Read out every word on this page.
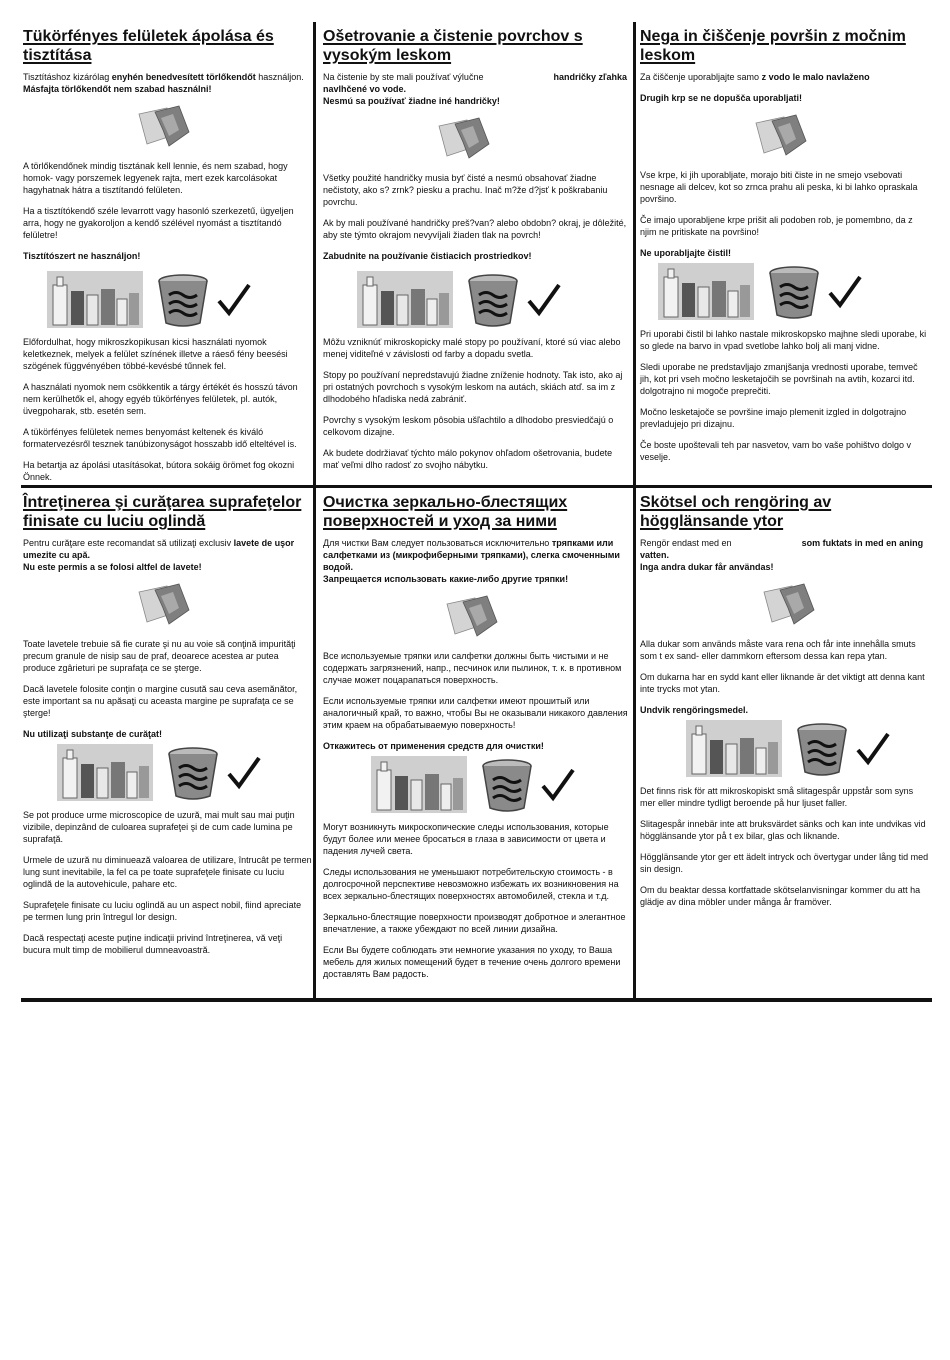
Tükörfényes felületek ápolása és tisztítása

Tisztításhoz kizárólag enyhén benedvesített törlőkendőt használjon. Másfajta törlőkendőt nem szabad használni!

A törlőkendőnek mindig tisztának kell lennie, és nem szabad, hogy homok- vagy porszemek legyenek rajta, mert ezek karcolásokat hagyhatnak hátra a tisztítandó felületen.

Ha a tisztítókendő széle levarrott vagy hasonló szerkezetű, ügyeljen arra, hogy ne gyakoroljon a kendő szélével nyomást a tisztítandó felületre!

Tisztítószert ne használjon!

Előfordulhat, hogy mikroszkopikusan kicsi használati nyomok keletkeznek, melyek a felület színének illetve a ráeső fény beesési szögének függvényében többé-kevésbé tűnnek fel.

A használati nyomok nem csökkentik a tárgy értékét és hosszú távon nem kerülhetők el, ahogy egyéb tükörfényes felületek, pl. autók, üvegpoharak, stb. esetén sem.

A tükörfényes felületek nemes benyomást keltenek és kiváló formatervezésről tesznek tanúbizonyságot hosszabb idő elteltével is.

Ha betartja az ápolási utasításokat, bútora sokáig örömet fog okozni Önnek.

Ošetrovanie a čistenie povrchov s vysokým leskom

Na čistenie by ste mali používať výlučne	handričky zľahka navlhčené vo vode.
Nesmú sa používať žiadne iné handričky!

Všetky použité handričky musia byť čisté a nesmú obsahovať žiadne nečistoty, ako s? zrnk? piesku a prachu. Inač m?že d?jsť k poškrabaniu povrchu.

Ak by mali používané handričky preš?van? alebo obdobn? okraj, je dôležité, aby ste týmto okrajom nevyvíjali žiaden tlak na povrch!

Zabudnite na používanie čistiacich prostriedkov!

Môžu vzniknúť mikroskopicky malé stopy po používaní, ktoré sú viac alebo menej viditeľné v závislosti od farby a dopadu svetla.

Stopy po používaní nepredstavujú žiadne zníženie hodnoty. Tak isto, ako aj pri ostatných povrchoch s vysokým leskom na autách, skiách atď. sa im z dlhodobého hľadiska nedá zabrániť.

Povrchy s vysokým leskom pôsobia ušľachtilo a dlhodobo presviedčajú o celkovom dizajne.

Ak budete dodržiavať týchto málo pokynov ohľadom ošetrovania, budete mať veľmi dlho radosť zo svojho nábytku.

Nega in čiščenje površin z močnim leskom

Za čiščenje uporabljajte samo z vodo le malo navlaženo

Drugih krp se ne dopušča uporabljati!

Vse krpe, ki jih uporabljate, morajo biti čiste in ne smejo vsebovati nesnage ali delcev, kot so zrnca prahu ali peska, ki bi lahko opraskala površino.

Če imajo uporabljene krpe prišit ali podoben rob, je pomembno, da z njim ne pritiskate na površino!

Ne uporabljajte čistil!

Pri uporabi čistil bi lahko nastale mikroskopsko majhne sledi uporabe, ki so glede na barvo in vpad svetlobe lahko bolj ali manj vidne.

Sledi uporabe ne predstavljajo zmanjšanja vrednosti uporabe, temveč jih, kot pri vseh močno lesketajočih se površinah na avtih, kozarci itd. dolgotrajno ni mogoče preprečiti.

Močno lesketajoče se površine imajo plemenit izgled in dolgotrajno prevladujejo pri dizajnu.

Če boste upoštevali teh par nasvetov, vam bo vaše pohištvo dolgo v veselje.

Întreţinerea şi curăţarea suprafeţelor finisate cu luciu oglindă

Pentru curăţare este recomandat să utilizaţi exclusiv lavete de uşor umezite cu apă.
Nu este permis a se folosi altfel de lavete!

Toate lavetele trebuie să fie curate şi nu au voie să conţină impurităţi precum granule de nisip sau de praf, deoarece acestea ar putea produce zgârieturi pe suprafaţa ce se şterge.

Dacă lavetele folosite conţin o margine cusută sau ceva asemănător, este important sa nu apăsaţi cu aceasta margine pe suprafaţa ce se şterge!

Nu utilizaţi substanţe de curăţat!

Se pot produce urme microscopice de uzură, mai mult sau mai puţin vizibile, depinzând de culoarea suprafeţei şi de cum cade lumina pe suprafaţă.

Urmele de uzură nu diminuează valoarea de utilizare, întrucât pe termen lung sunt inevitabile, la fel ca pe toate suprafeţele finisate cu luciu oglindă de la autovehicule, pahare etc.

Suprafeţele finisate cu luciu oglindă au un aspect nobil, fiind apreciate pe termen lung prin întregul lor design.

Dacă respectaţi aceste puţine indicaţii privind întreţinerea, vă veţi bucura mult timp de mobilierul dumneavoastră.

Очистка зеркально-блестящих поверхностей и уход за ними

Для чистки Вам следует пользоваться исключительно тряпками или салфетками из (микрофиберными тряпками), слегка смоченными водой.
Запрещается использовать какие-либо другие тряпки!

Все используемые тряпки или салфетки должны быть чистыми и не содержать загрязнений, напр., песчинок или пылинок, т. к. в противном случае может поцарапаться поверхность.

Если используемые тряпки или салфетки имеют прошитый или аналогичный край, то важно, чтобы Вы не оказывали никакого давления этим краем на обрабатываемую поверхность!

Откажитесь от применения средств для очистки!

Могут возникнуть микроскопические следы использования, которые будут более или менее бросаться в глаза в зависимости от цвета и падения лучей света.

Следы использования не уменьшают потребительскую стоимость - в долгосрочной перспективе невозможно избежать их возникновения на всех зеркально-блестящих поверхностях автомобилей, стекла и т.д.

Зеркально-блестящие поверхности производят добротное и элегантное впечатление, а также убеждают по всей линии дизайна.

Если Вы будете соблюдать эти немногие указания по уходу, то Ваша мебель для жилых помещений будет в течение очень долгого времени доставлять Вам радость.

Skötsel och rengöring av högglänsande ytor

Rengör endast med en	som fuktats in med en aning vatten.
Inga andra dukar får användas!

Alla dukar som används måste vara rena och får inte innehålla smuts som t ex sand- eller dammkorn eftersom dessa kan repa ytan.

Om dukarna har en sydd kant eller liknande är det viktigt att denna kant inte trycks mot ytan.

Undvik rengöringsmedel.

Det finns risk för att mikroskopiskt små slitagespår uppstår som syns mer eller mindre tydligt beroende på hur ljuset faller.

Slitagespår innebär inte att bruksvärdet sänks och kan inte undvikas vid högglänsande ytor på t ex bilar, glas och liknande.

Högglänsande ytor ger ett ädelt intryck och övertygar under lång tid med sin design.

Om du beaktar dessa kortfattade skötselanvisningar kommer du att ha glädje av dina möbler under många år framöver.
